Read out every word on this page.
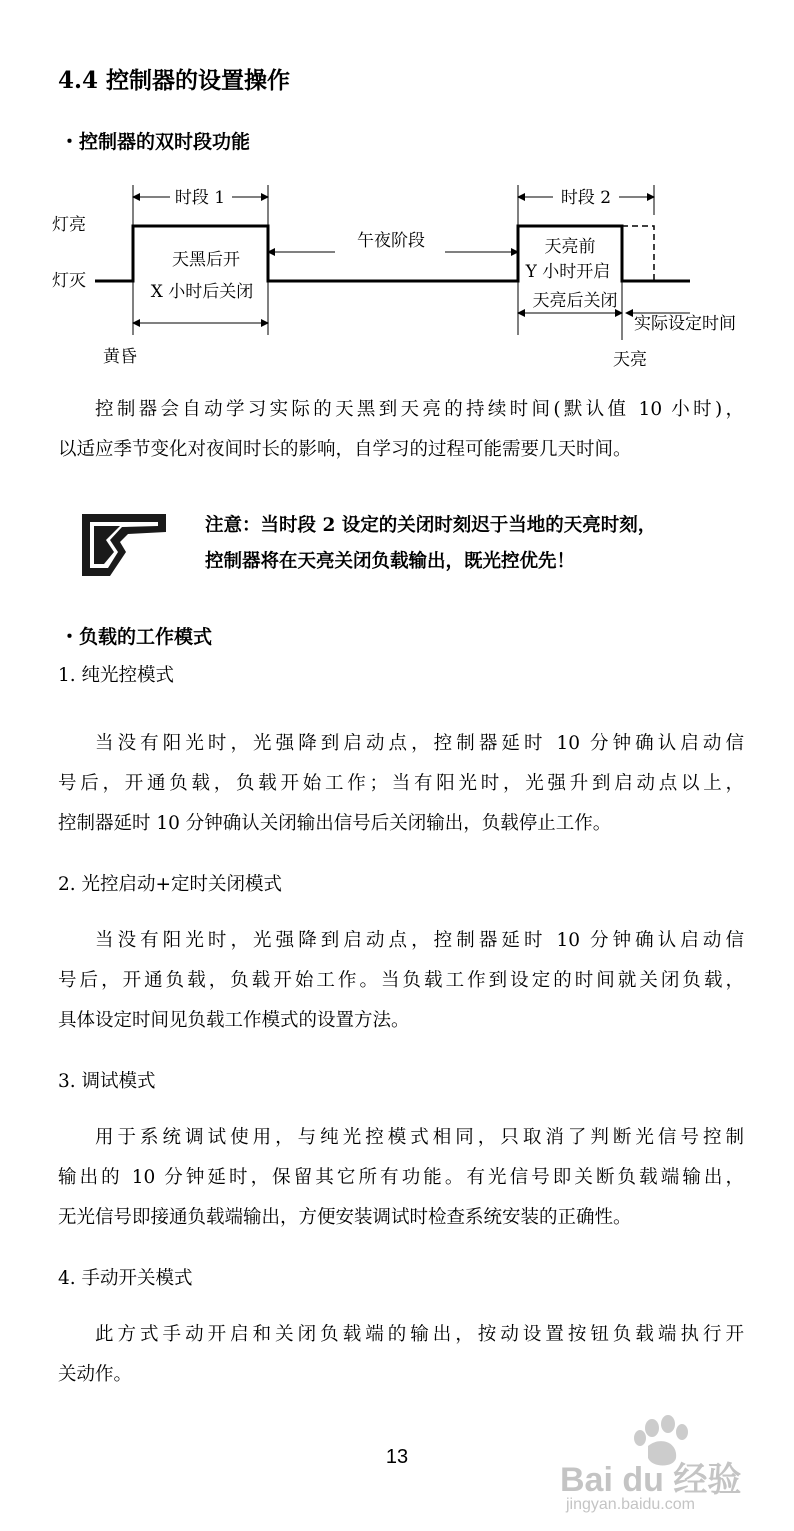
4.4 控制器的设置操作
・控制器的双时段功能
灯亮
灯灭
时段 1	时段 2
午夜阶段
天黑后开
X 小时后关闭
天亮前
Y 小时开启
天亮后关闭
实际设定时间
黄昏	天亮

控制器会自动学习实际的天黑到天亮的持续时间(默认值 10 小时)，

以适应季节变化对夜间时长的影响，自学习的过程可能需要几天时间。

注意：当时段 2 设定的关闭时刻迟于当地的天亮时刻，
控制器将在天亮关闭负载输出，既光控优先！
・负载的工作模式
1. 纯光控模式

当没有阳光时，光强降到启动点，控制器延时 10 分钟确认启动信

号后，开通负载，负载开始工作；当有阳光时，光强升到启动点以上，

控制器延时 10 分钟确认关闭输出信号后关闭输出，负载停止工作。

2. 光控启动+定时关闭模式

当没有阳光时，光强降到启动点，控制器延时 10 分钟确认启动信

号后，开通负载，负载开始工作。当负载工作到设定的时间就关闭负载，

具体设定时间见负载工作模式的设置方法。

3. 调试模式

用于系统调试使用，与纯光控模式相同，只取消了判断光信号控制

输出的 10 分钟延时，保留其它所有功能。有光信号即关断负载端输出，

无光信号即接通负载端输出，方便安装调试时检查系统安装的正确性。

4. 手动开关模式

此方式手动开启和关闭负载端的输出，按动设置按钮负载端执行开

关动作。

13
Bai du 经验
jingyan.baidu.com
